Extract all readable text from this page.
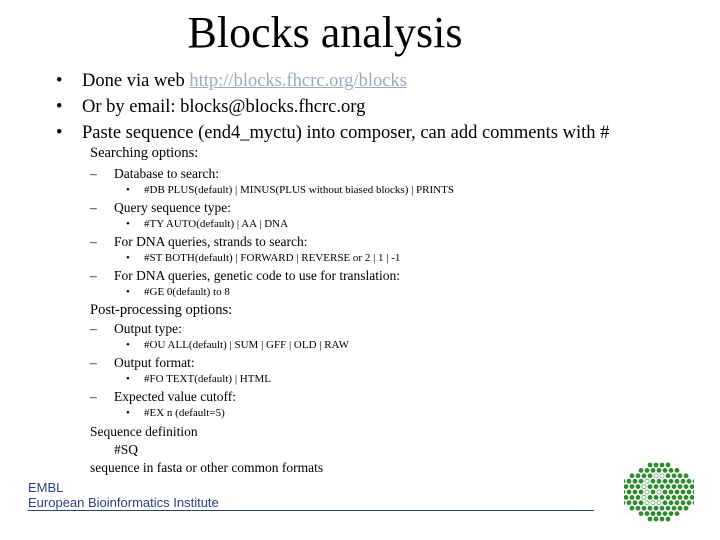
Blocks analysis
• Done via web http://blocks.fhcrc.org/blocks
• Or by email: blocks@blocks.fhcrc.org
• Paste sequence (end4_myctu) into composer, can add comments with #
Searching options:
– Database to search:
• #DB PLUS(default) | MINUS(PLUS without biased blocks) | PRINTS
– Query sequence type:
• #TY AUTO(default) | AA | DNA
– For DNA queries, strands to search:
• #ST BOTH(default) | FORWARD | REVERSE or 2 | 1 | -1
– For DNA queries, genetic code to use for translation:
• #GE 0(default) to 8
Post-processing options:
– Output type:
• #OU ALL(default) | SUM | GFF | OLD | RAW
– Output format:
• #FO TEXT(default) | HTML
– Expected value cutoff:
• #EX n (default=5)
Sequence definition
#SQ
sequence in fasta or other common formats
EMBL
European Bioinformatics Institute
